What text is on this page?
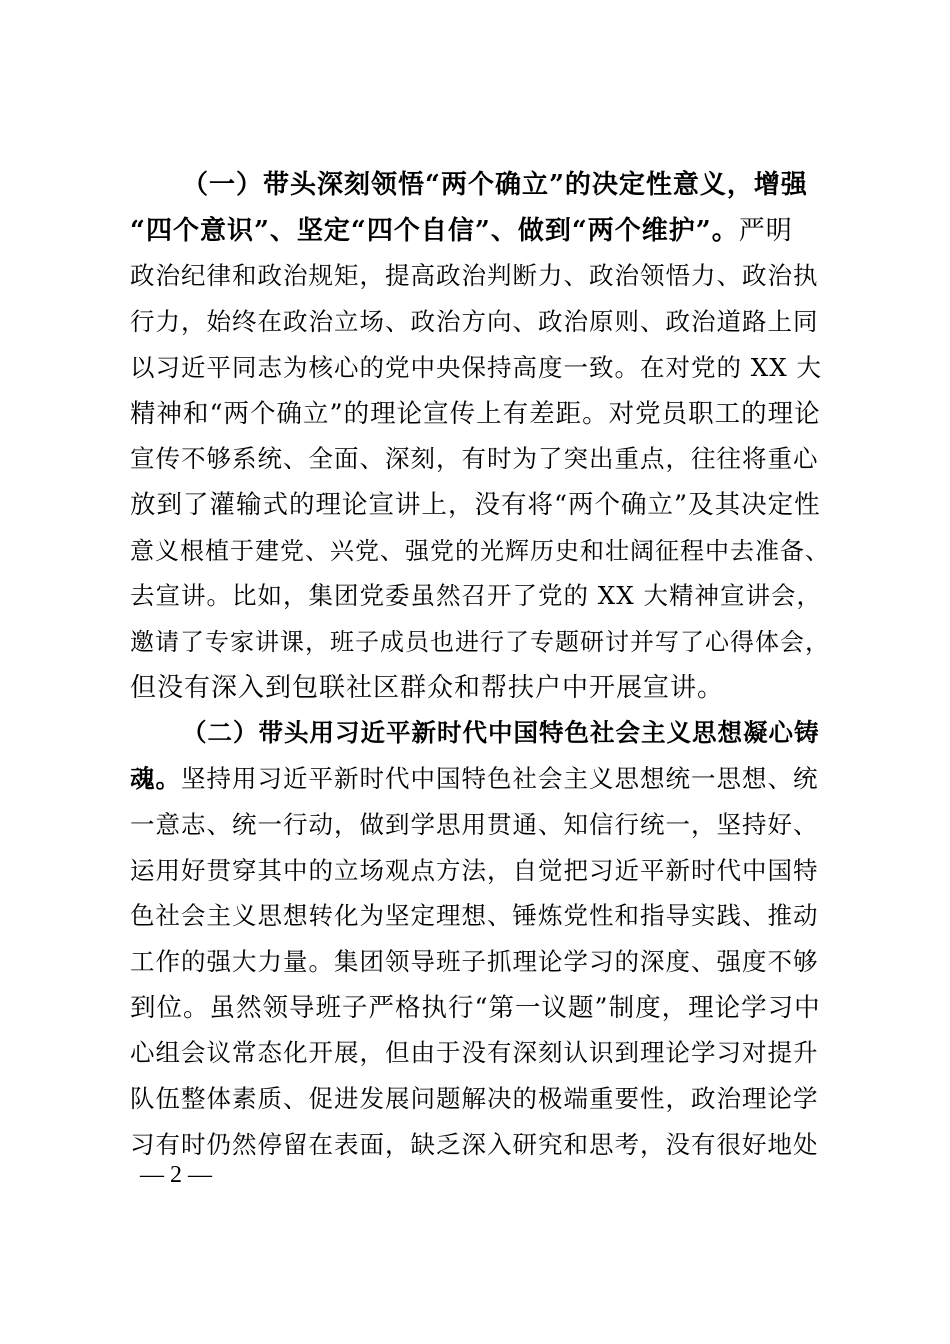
（一）带头深刻领悟“两个确立”的决定性意义，增强
“四个意识”、坚定“四个自信”、做到“两个维护”。严明
政治纪律和政治规矩，提高政治判断力、政治领悟力、政治执
行力，始终在政治立场、政治方向、政治原则、政治道路上同
以习近平同志为核心的党中央保持高度一致。在对党的 XX 大
精神和“两个确立”的理论宣传上有差距。对党员职工的理论
宣传不够系统、全面、深刻，有时为了突出重点，往往将重心
放到了灌输式的理论宣讲上，没有将“两个确立”及其决定性
意义根植于建党、兴党、强党的光辉历史和壮阔征程中去准备、
去宣讲。比如，集团党委虽然召开了党的 XX 大精神宣讲会，
邀请了专家讲课，班子成员也进行了专题研讨并写了心得体会，
但没有深入到包联社区群众和帮扶户中开展宣讲。
（二）带头用习近平新时代中国特色社会主义思想凝心铸
魂。坚持用习近平新时代中国特色社会主义思想统一思想、统
一意志、统一行动，做到学思用贯通、知信行统一，坚持好、
运用好贯穿其中的立场观点方法，自觉把习近平新时代中国特
色社会主义思想转化为坚定理想、锤炼党性和指导实践、推动
工作的强大力量。集团领导班子抓理论学习的深度、强度不够
到位。虽然领导班子严格执行“第一议题”制度，理论学习中
心组会议常态化开展，但由于没有深刻认识到理论学习对提升
队伍整体素质、促进发展问题解决的极端重要性，政治理论学
习有时仍然停留在表面，缺乏深入研究和思考，没有很好地处
— 2 —
